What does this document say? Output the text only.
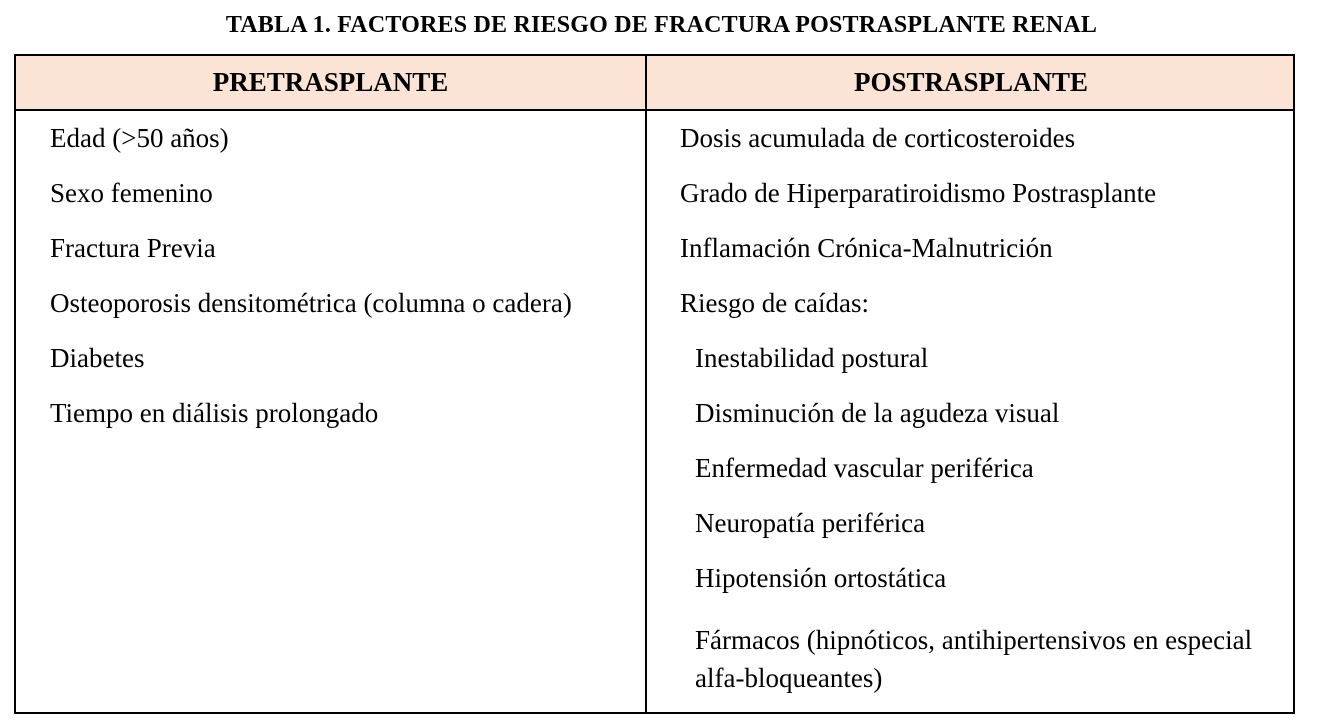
TABLA 1. FACTORES DE RIESGO DE FRACTURA POSTRASPLANTE RENAL
PRETRASPLANTE	POSTRASPLANTE
Edad (>50 años)
Sexo femenino
Fractura Previa
Osteoporosis densitométrica (columna o cadera)
Diabetes
Tiempo en diálisis prolongado
Dosis acumulada de corticosteroides
Grado de Hiperparatiroidismo Postrasplante
Inflamación Crónica-Malnutrición
Riesgo de caídas:
Inestabilidad postural
Disminución de la agudeza visual
Enfermedad vascular periférica
Neuropatía periférica
Hipotensión ortostática
Fármacos (hipnóticos, antihipertensivos en especial alfa-bloqueantes)
